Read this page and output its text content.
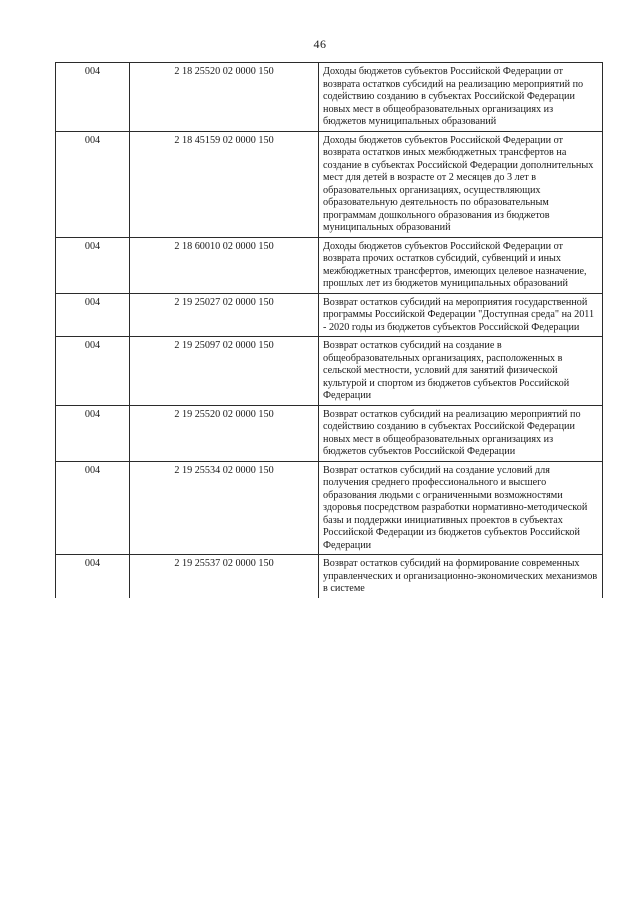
46
004	2 18 25520 02 0000 150	Доходы бюджетов субъектов Российской Федерации от возврата остатков субсидий на реализацию мероприятий по содействию созданию в субъектах Российской Федерации новых мест в общеобразовательных организациях из бюджетов муниципальных образований
004	2 18 45159 02 0000 150	Доходы бюджетов субъектов Российской Федерации от возврата остатков иных межбюджетных трансфертов на создание в субъектах Российской Федерации дополнительных мест для детей в возрасте от 2 месяцев до 3 лет в образовательных организациях, осуществляющих образовательную деятельность по образовательным программам дошкольного образования из бюджетов муниципальных образований
004	2 18 60010 02 0000 150	Доходы бюджетов субъектов Российской Федерации от возврата прочих остатков субсидий, субвенций и иных межбюджетных трансфертов, имеющих целевое назначение, прошлых лет из бюджетов муниципальных образований
004	2 19 25027 02 0000 150	Возврат остатков субсидий на мероприятия государственной программы Российской Федерации "Доступная среда" на 2011 - 2020 годы из бюджетов субъектов Российской Федерации
004	2 19 25097 02 0000 150	Возврат остатков субсидий на создание в общеобразовательных организациях, расположенных в сельской местности, условий для занятий физической культурой и спортом из бюджетов субъектов Российской Федерации
004	2 19 25520 02 0000 150	Возврат остатков субсидий на реализацию мероприятий по содействию созданию в субъектах Российской Федерации новых мест в общеобразовательных организациях из бюджетов субъектов Российской Федерации
004	2 19 25534 02 0000 150	Возврат остатков субсидий на создание условий для получения среднего профессионального и высшего образования людьми с ограниченными возможностями здоровья посредством разработки нормативно-методической базы и поддержки инициативных проектов в субъектах Российской Федерации из бюджетов субъектов Российской Федерации
004	2 19 25537 02 0000 150	Возврат остатков субсидий на формирование современных управленческих и организационно-экономических механизмов в системе
